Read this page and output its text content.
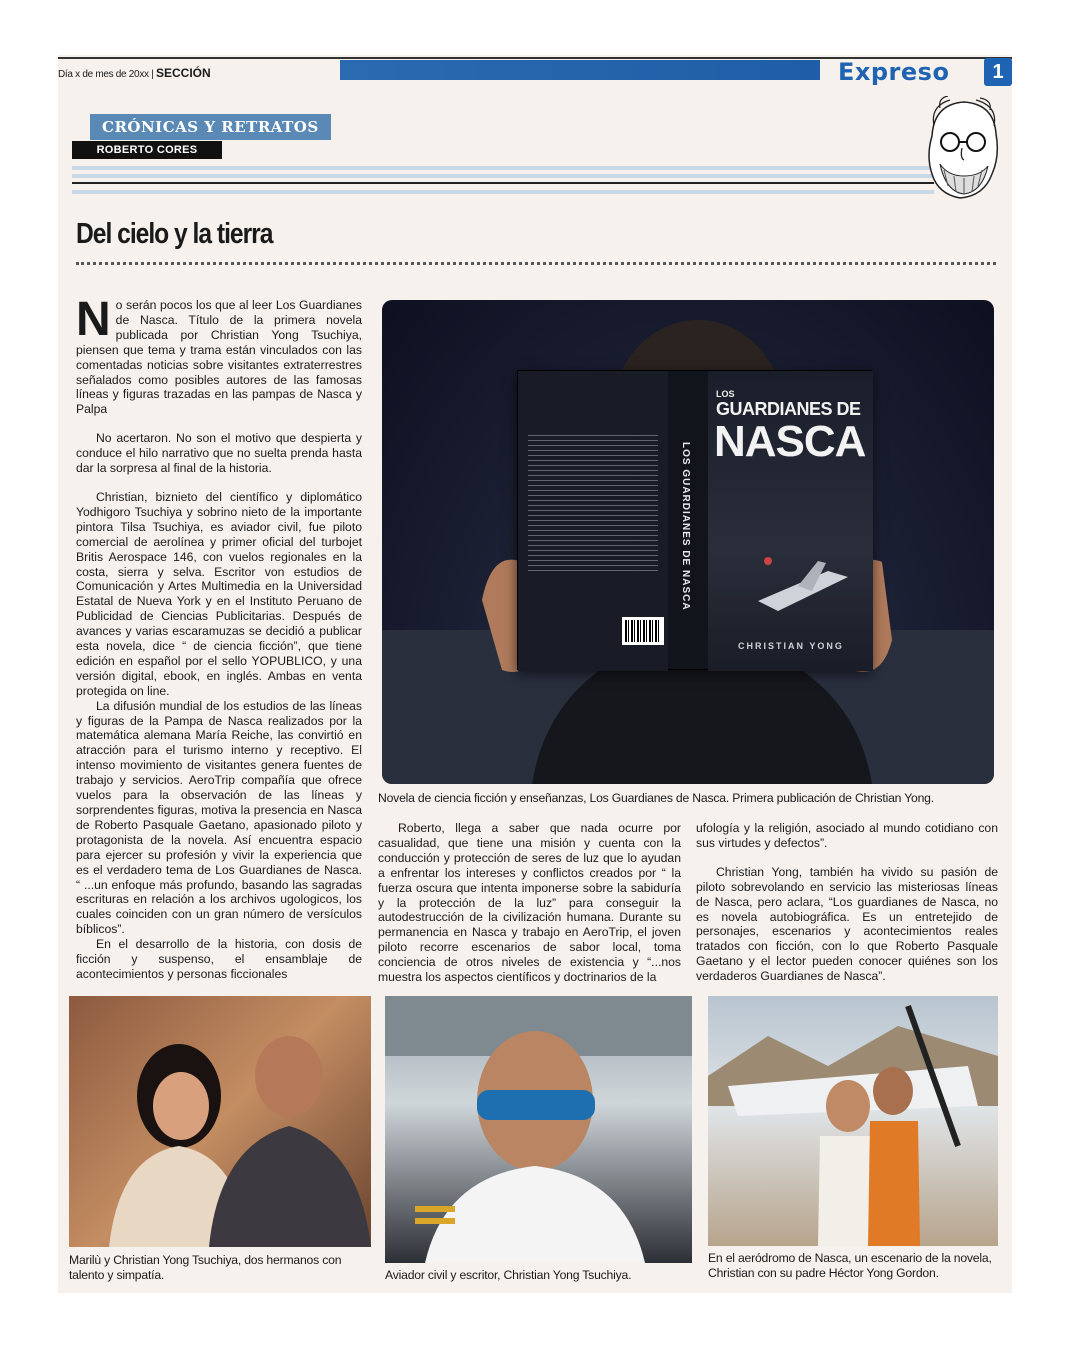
Día x de mes de 20xx | SECCIÓN	Expreso	1
CRÓNICAS Y RETRATOS
ROBERTO CORES
Del cielo y la tierra

No serán pocos los que al leer Los Guardianes de Nasca. Título de la primera novela publicada por Christian Yong Tsuchiya, piensen que tema y trama están vinculados con las comentadas noticias sobre visitantes extraterrestres señalados como posibles autores de las famosas líneas y figuras trazadas en las pampas de Nasca y Palpa

No acertaron. No son el motivo que despierta y conduce el hilo narrativo que no suelta prenda hasta dar la sorpresa al final de la historia.

Christian, biznieto del científico y diplomático Yodhigoro Tsuchiya y sobrino nieto de la importante pintora Tilsa Tsuchiya, es aviador civil, fue piloto comercial de aerolínea y primer oficial del turbojet Britis Aerospace 146, con vuelos regionales en la costa, sierra y selva. Escritor von estudios de Comunicación y Artes Multimedia en la Universidad Estatal de Nueva York y en el Instituto Peruano de Publicidad de Ciencias Publicitarias. Después de avances y varias escaramuzas se decidió a publicar esta novela, dice “ de ciencia ficción”, que tiene edición en español por el sello YOPUBLICO, y una versión digital, ebook, en inglés. Ambas en venta protegida on line.

La difusión mundial de los estudios de las líneas y figuras de la Pampa de Nasca realizados por la matemática alemana María Reiche, las convirtió en atracción para el turismo interno y receptivo. El intenso movimiento de visitantes genera fuentes de trabajo y servicios. AeroTrip compañía que ofrece vuelos para la observación de las líneas y sorprendentes figuras, motiva la presencia en Nasca de Roberto Pasquale Gaetano, apasionado piloto y protagonista de la novela. Así encuentra espacio para ejercer su profesión y vivir la experiencia que es el verdadero tema de Los Guardianes de Nasca. “ ...un enfoque más profundo, basando las sagradas escrituras en relación a los archivos ugologicos, los cuales coinciden con un gran número de versículos bíblicos”.

En el desarrollo de la historia, con dosis de ficción y suspenso, el ensamblaje de acontecimientos y personas ficcionales

LOS GUARDIANES DE NASCA
LOS
GUARDIANES DE
NASCA
CHRISTIAN YONG
Novela de ciencia ficción y enseñanzas, Los Guardianes de Nasca. Primera publicación de Christian Yong.

Roberto, llega a saber que nada ocurre por casualidad, que tiene una misión y cuenta con la conducción y protección de seres de luz que lo ayudan a enfrentar los intereses y conflictos creados por “ la fuerza oscura que intenta imponerse sobre la sabiduría y la protección de la luz” para conseguir la autodestrucción de la civilización humana. Durante su permanencia en Nasca y trabajo en AeroTrip, el joven piloto recorre escenarios de sabor local, toma conciencia de otros niveles de existencia y “...nos muestra los aspectos científicos y doctrinarios de la

ufología y la religión, asociado al mundo cotidiano con sus virtudes y defectos”.

Christian Yong, también ha vivido su pasión de piloto sobrevolando en servicio las misteriosas líneas de Nasca, pero aclara, “Los guardianes de Nasca, no es novela autobiográfica. Es un entretejido de personajes, escenarios y acontecimientos reales tratados con ficción, con lo que Roberto Pasquale Gaetano y el lector pueden conocer quiénes son los verdaderos Guardianes de Nasca”.

Marilù y Christian Yong Tsuchiya, dos hermanos con talento y simpatía.	Aviador civil y escritor, Christian Yong Tsuchiya.
En el aeródromo de Nasca, un escenario de la novela, Christian con su padre Héctor Yong Gordon.
